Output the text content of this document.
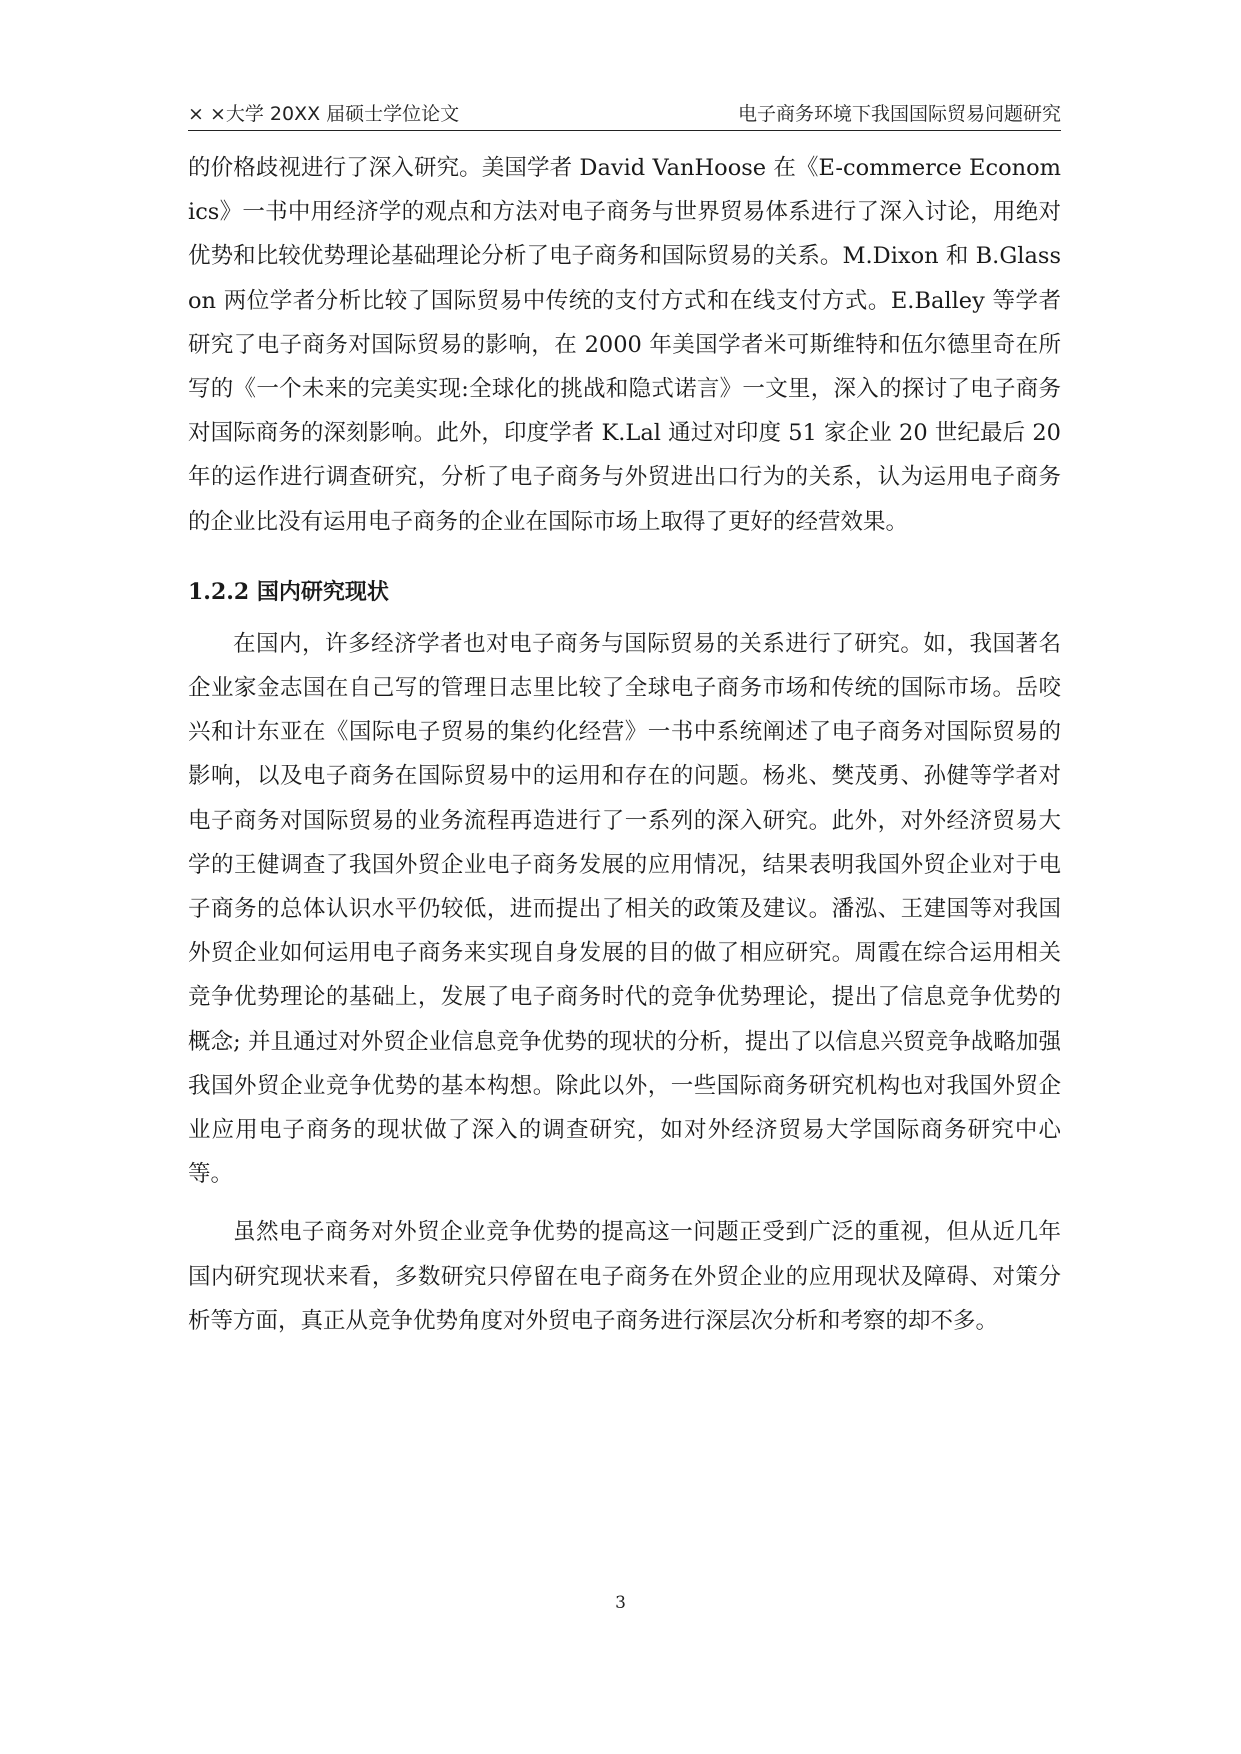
× ×大学 20XX 届硕士学位论文	电子商务环境下我国国际贸易问题研究

的价格歧视进行了深入研究。美国学者 David VanHoose 在《E-commerce Economics》一书中用经济学的观点和方法对电子商务与世界贸易体系进行了深入讨论，用绝对优势和比较优势理论基础理论分析了电子商务和国际贸易的关系。M.Dixon 和 B.Glasson 两位学者分析比较了国际贸易中传统的支付方式和在线支付方式。E.Balley 等学者研究了电子商务对国际贸易的影响，在 2000 年美国学者米可斯维特和伍尔德里奇在所写的《一个未来的完美实现:全球化的挑战和隐式诺言》一文里，深入的探讨了电子商务对国际商务的深刻影响。此外，印度学者 K.Lal 通过对印度 51 家企业 20 世纪最后 20 年的运作进行调查研究，分析了电子商务与外贸进出口行为的关系，认为运用电子商务的企业比没有运用电子商务的企业在国际市场上取得了更好的经营效果。

1.2.2 国内研究现状

在国内，许多经济学者也对电子商务与国际贸易的关系进行了研究。如，我国著名企业家金志国在自己写的管理日志里比较了全球电子商务市场和传统的国际市场。岳咬兴和计东亚在《国际电子贸易的集约化经营》一书中系统阐述了电子商务对国际贸易的影响，以及电子商务在国际贸易中的运用和存在的问题。杨兆、樊茂勇、孙健等学者对电子商务对国际贸易的业务流程再造进行了一系列的深入研究。此外，对外经济贸易大学的王健调查了我国外贸企业电子商务发展的应用情况，结果表明我国外贸企业对于电子商务的总体认识水平仍较低，进而提出了相关的政策及建议。潘泓、王建国等对我国外贸企业如何运用电子商务来实现自身发展的目的做了相应研究。周霞在综合运用相关竞争优势理论的基础上，发展了电子商务时代的竞争优势理论，提出了信息竞争优势的概念; 并且通过对外贸企业信息竞争优势的现状的分析，提出了以信息兴贸竞争战略加强我国外贸企业竞争优势的基本构想。除此以外，一些国际商务研究机构也对我国外贸企业应用电子商务的现状做了深入的调查研究，如对外经济贸易大学国际商务研究中心等。

虽然电子商务对外贸企业竞争优势的提高这一问题正受到广泛的重视，但从近几年国内研究现状来看，多数研究只停留在电子商务在外贸企业的应用现状及障碍、对策分析等方面，真正从竞争优势角度对外贸电子商务进行深层次分析和考察的却不多。

3
